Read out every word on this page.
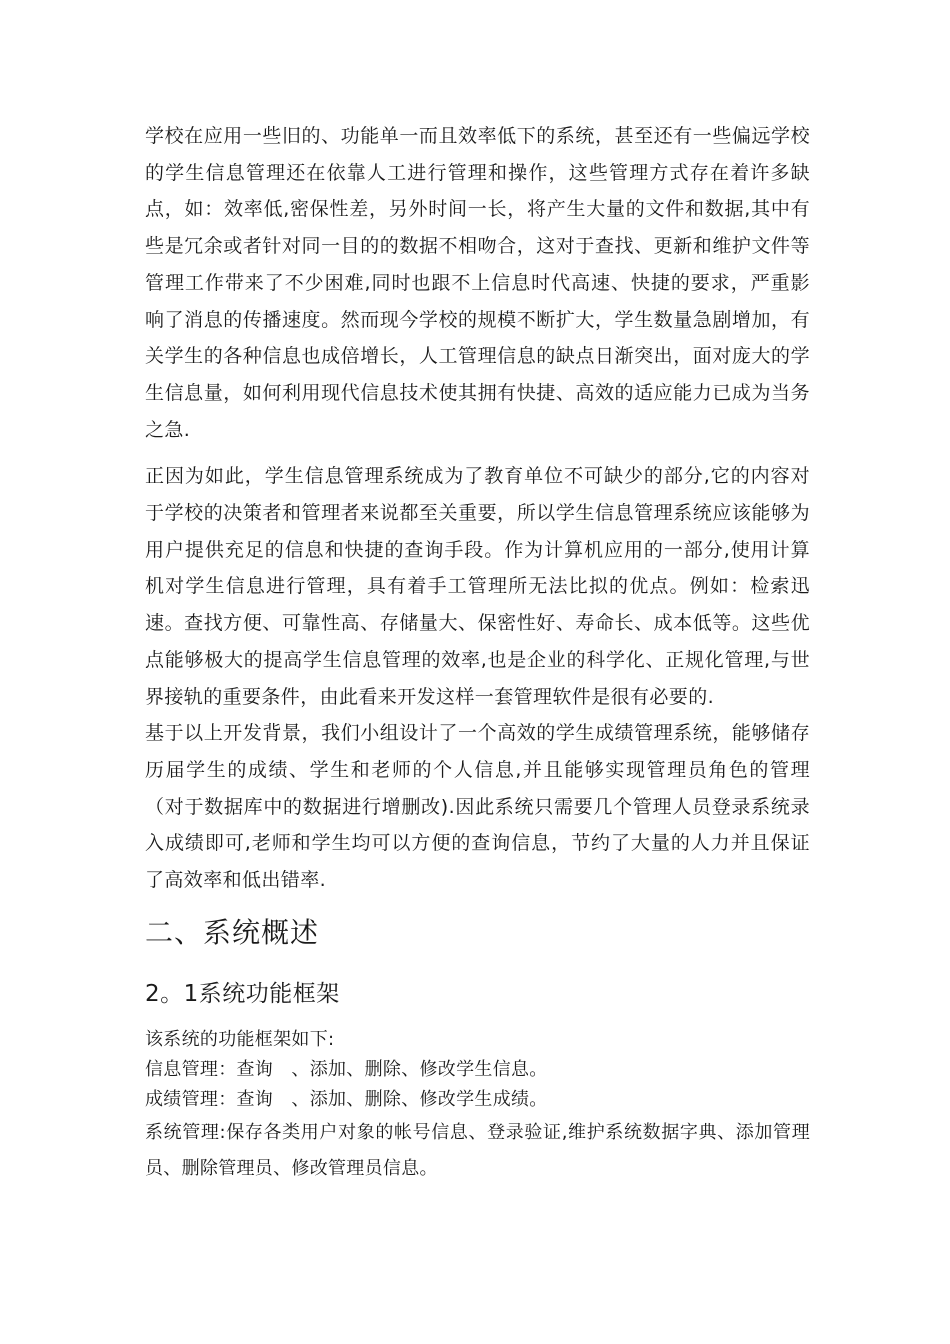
学校在应用一些旧的、功能单一而且效率低下的系统，甚至还有一些偏远学校的学生信息管理还在依靠人工进行管理和操作，这些管理方式存在着许多缺点，如：效率低,密保性差，另外时间一长，将产生大量的文件和数据,其中有些是冗余或者针对同一目的的数据不相吻合，这对于查找、更新和维护文件等管理工作带来了不少困难,同时也跟不上信息时代高速、快捷的要求，严重影响了消息的传播速度。然而现今学校的规模不断扩大，学生数量急剧增加，有关学生的各种信息也成倍增长，人工管理信息的缺点日渐突出，面对庞大的学生信息量，如何利用现代信息技术使其拥有快捷、高效的适应能力已成为当务之急.

正因为如此，学生信息管理系统成为了教育单位不可缺少的部分,它的内容对于学校的决策者和管理者来说都至关重要，所以学生信息管理系统应该能够为用户提供充足的信息和快捷的查询手段。作为计算机应用的一部分,使用计算机对学生信息进行管理，具有着手工管理所无法比拟的优点。例如：检索迅速。查找方便、可靠性高、存储量大、保密性好、寿命长、成本低等。这些优点能够极大的提高学生信息管理的效率,也是企业的科学化、正规化管理,与世界接轨的重要条件，由此看来开发这样一套管理软件是很有必要的.

基于以上开发背景，我们小组设计了一个高效的学生成绩管理系统，能够储存历届学生的成绩、学生和老师的个人信息,并且能够实现管理员角色的管理（对于数据库中的数据进行增删改).因此系统只需要几个管理人员登录系统录入成绩即可,老师和学生均可以方便的查询信息，节约了大量的人力并且保证了高效率和低出错率.

二、系统概述
2。1系统功能框架

该系统的功能框架如下:

信息管理：查询　、添加、删除、修改学生信息。

成绩管理：查询　、添加、删除、修改学生成绩。

系统管理:保存各类用户对象的帐号信息、登录验证,维护系统数据字典、添加管理员、删除管理员、修改管理员信息。
